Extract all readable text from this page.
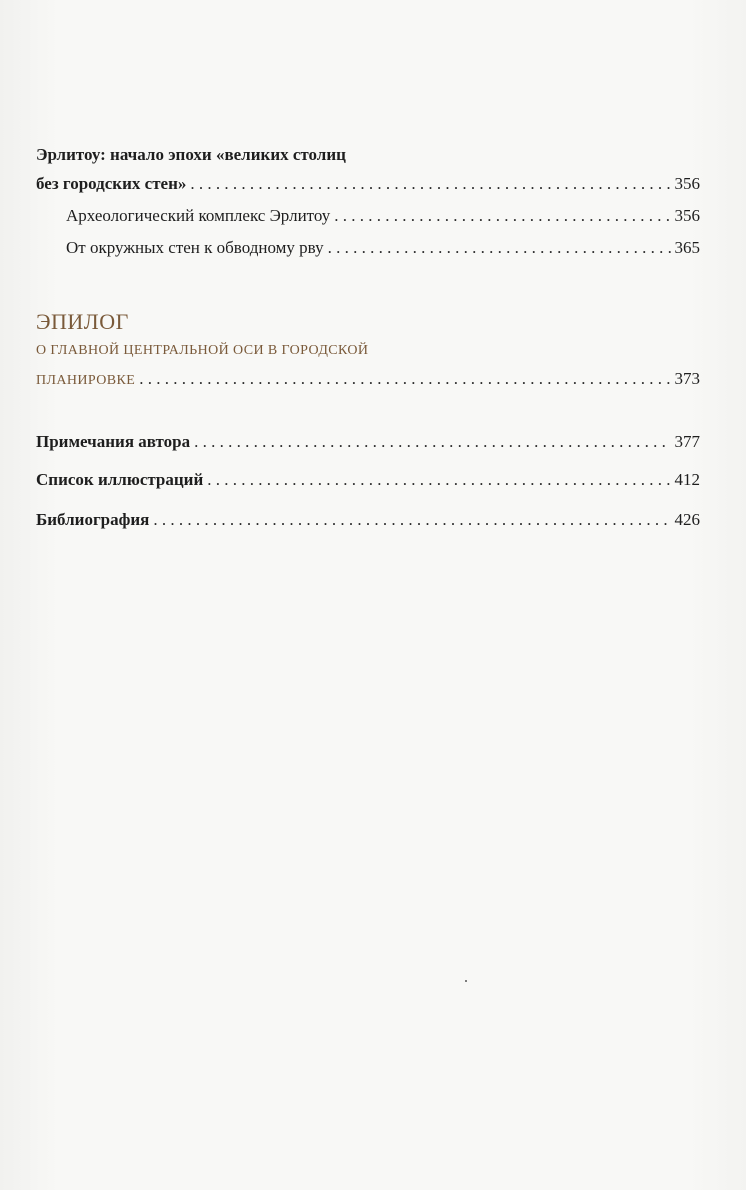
Эрлитоу: начало эпохи «великих столиц
без городских стен» . . .	356
Археологический комплекс Эрлитоу . . .	356
От окружных стен к обводному рву . . .	365
ЭПИЛОГ
О ГЛАВНОЙ ЦЕНТРАЛЬНОЙ ОСИ В ГОРОДСКОЙ
ПЛАНИРОВКЕ . . .	373
Примечания автора . . .	377
Список иллюстраций . . .	412
Библиография . . .	426
